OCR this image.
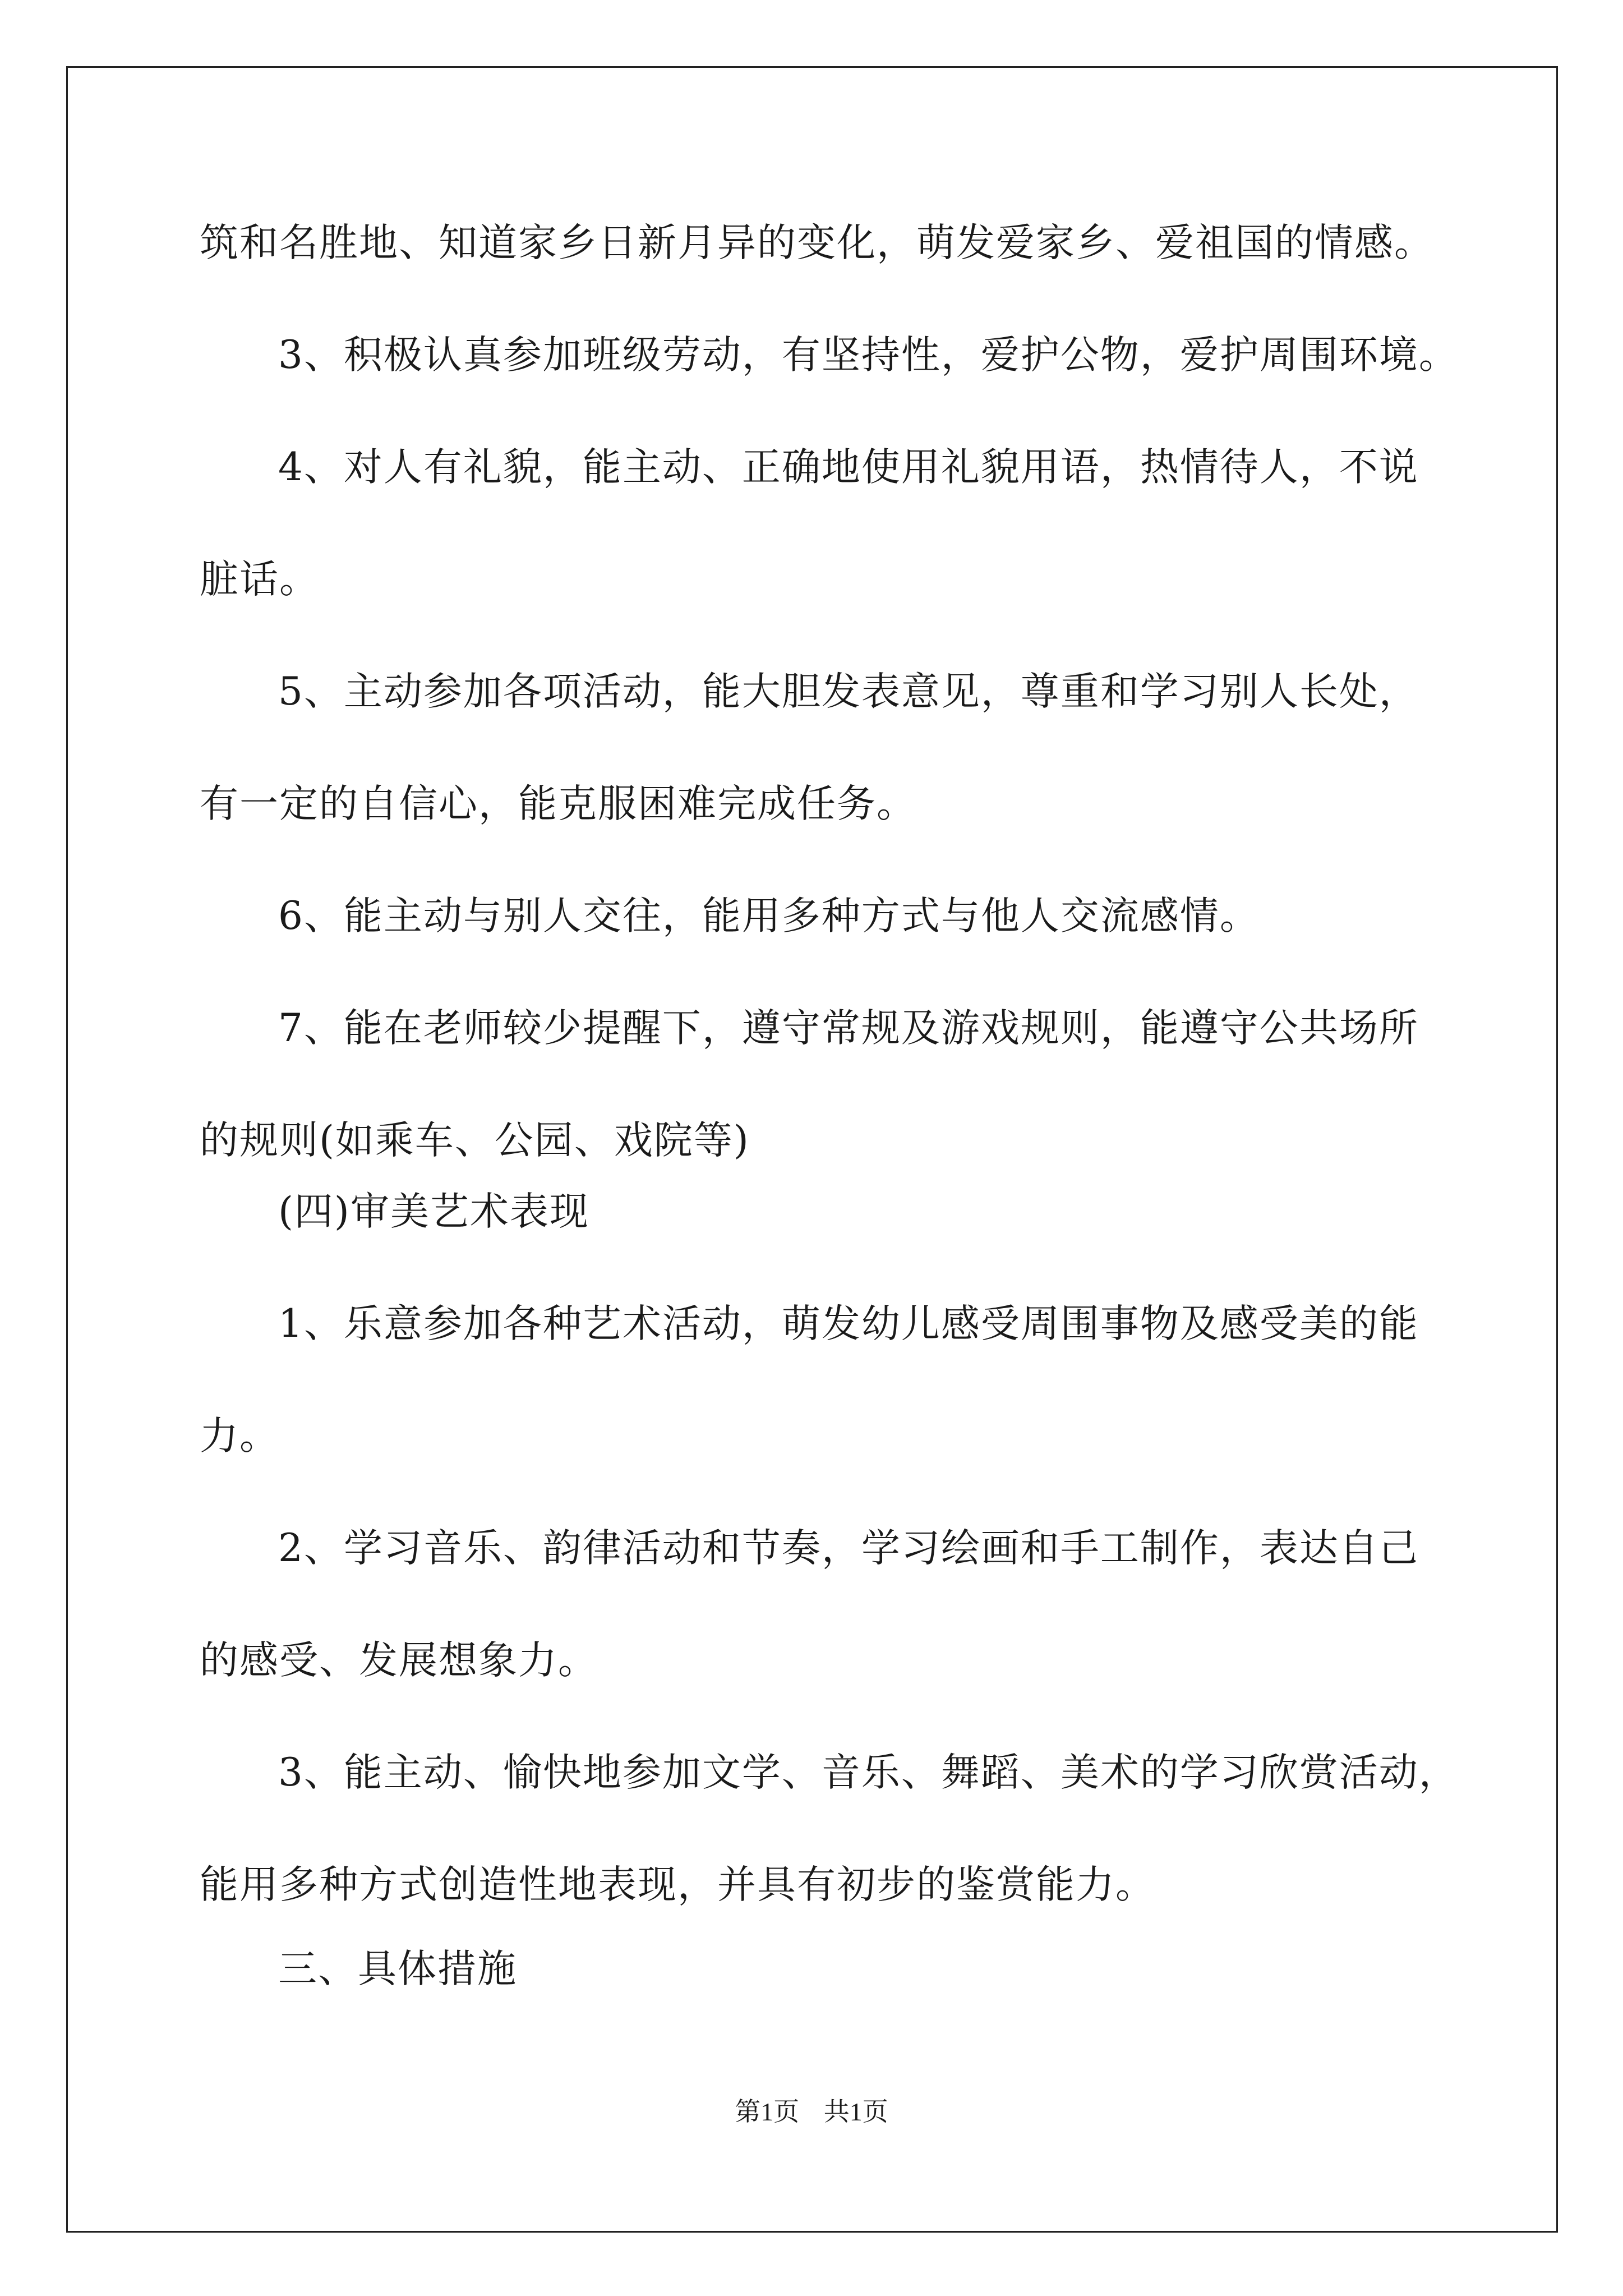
筑和名胜地、知道家乡日新月异的变化，萌发爱家乡、爱祖国的情感。
3、积极认真参加班级劳动，有坚持性，爱护公物，爱护周围环境。
4、对人有礼貌，能主动、正确地使用礼貌用语，热情待人，不说
脏话。
5、主动参加各项活动，能大胆发表意见，尊重和学习别人长处，
有一定的自信心，能克服困难完成任务。
6、能主动与别人交往，能用多种方式与他人交流感情。
7、能在老师较少提醒下，遵守常规及游戏规则，能遵守公共场所
的规则(如乘车、公园、戏院等)
(四)审美艺术表现
1、乐意参加各种艺术活动，萌发幼儿感受周围事物及感受美的能
力。
2、学习音乐、韵律活动和节奏，学习绘画和手工制作，表达自己
的感受、发展想象力。
3、能主动、愉快地参加文学、音乐、舞蹈、美术的学习欣赏活动，
能用多种方式创造性地表现，并具有初步的鉴赏能力。
三、具体措施
第1页 共1页
